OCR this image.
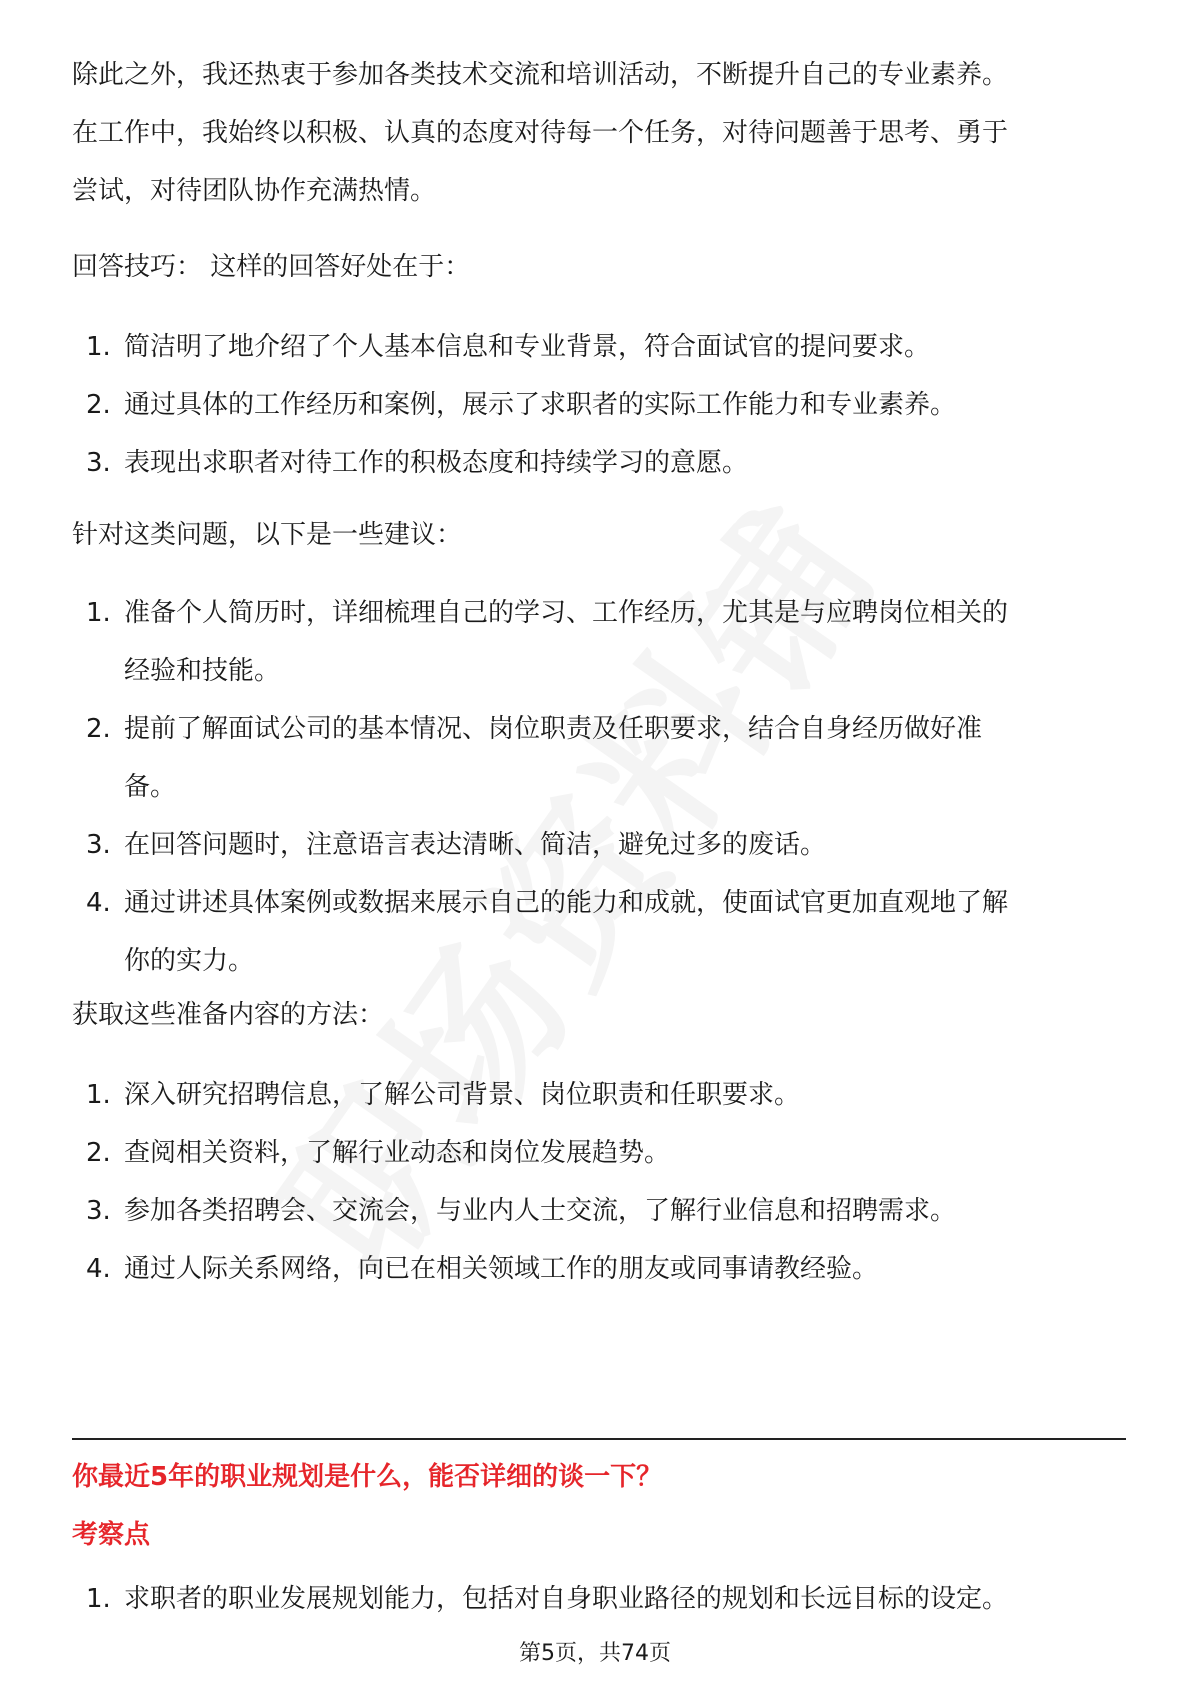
除此之外，我还热衷于参加各类技术交流和培训活动，不断提升自己的专业素养。
在工作中，我始终以积极、认真的态度对待每一个任务，对待问题善于思考、勇于
尝试，对待团队协作充满热情。
回答技巧： 这样的回答好处在于：
1. 简洁明了地介绍了个人基本信息和专业背景，符合面试官的提问要求。
2. 通过具体的工作经历和案例，展示了求职者的实际工作能力和专业素养。
3. 表现出求职者对待工作的积极态度和持续学习的意愿。
针对这类问题，以下是一些建议：
1. 准备个人简历时，详细梳理自己的学习、工作经历，尤其是与应聘岗位相关的
经验和技能。
2. 提前了解面试公司的基本情况、岗位职责及任职要求，结合自身经历做好准
备。
3. 在回答问题时，注意语言表达清晰、简洁，避免过多的废话。
4. 通过讲述具体案例或数据来展示自己的能力和成就，使面试官更加直观地了解
你的实力。
获取这些准备内容的方法：
1. 深入研究招聘信息，了解公司背景、岗位职责和任职要求。
2. 查阅相关资料，了解行业动态和岗位发展趋势。
3. 参加各类招聘会、交流会，与业内人士交流，了解行业信息和招聘需求。
4. 通过人际关系网络，向已在相关领域工作的朋友或同事请教经验。
你最近5年的职业规划是什么，能否详细的谈一下？
考察点
1. 求职者的职业发展规划能力，包括对自身职业路径的规划和长远目标的设定。
第5页，共74页
